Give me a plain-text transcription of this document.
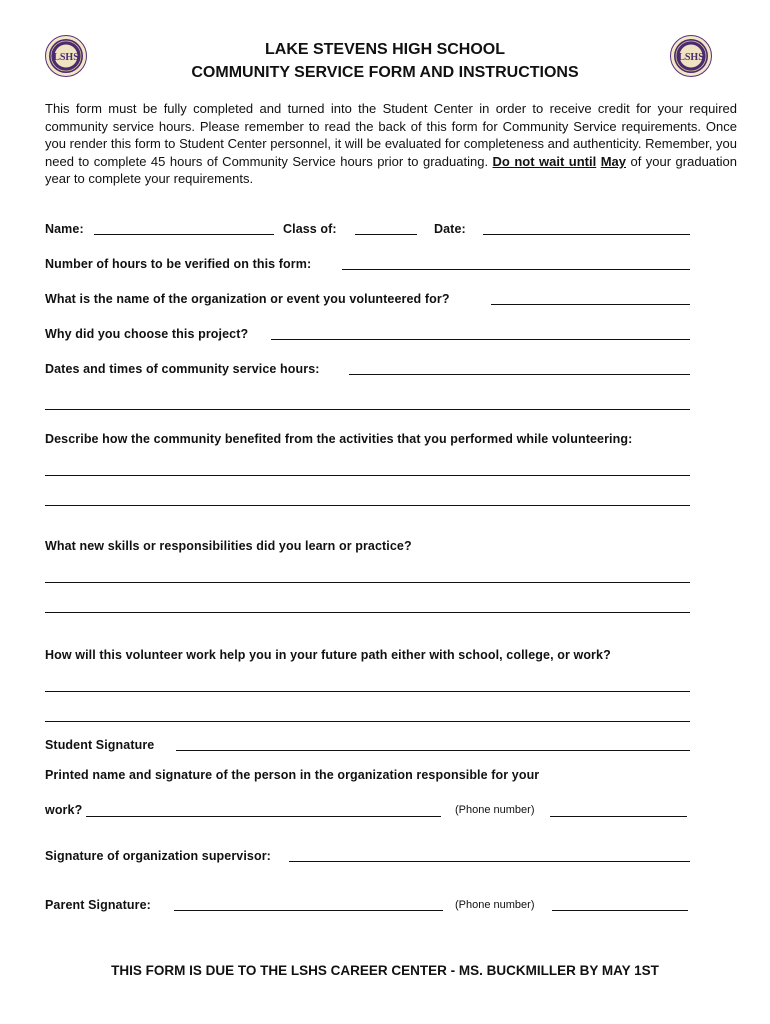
LSHS	LSHS
LAKE STEVENS HIGH SCHOOL
COMMUNITY SERVICE FORM AND INSTRUCTIONS
This form must be fully completed and turned into the Student Center in order to receive credit for your required community service hours. Please remember to read the back of this form for Community Service requirements. Once you render this form to Student Center personnel, it will be evaluated for completeness and authenticity. Remember, you need to complete 45 hours of Community Service hours prior to graduating. Do not wait until May of your graduation year to complete your requirements.
Name:	Class of:	Date:
Number of hours to be verified on this form:
What is the name of the organization or event you volunteered for?
Why did you choose this project?
Dates and times of community service hours:
Describe how the community benefited from the activities that you performed while volunteering:
What new skills or responsibilities did you learn or practice?
How will this volunteer work help you in your future path either with school, college, or work?
Student Signature
Printed name and signature of the person in the organization responsible for your
work?	(Phone number)
Signature of organization supervisor:
Parent Signature:	(Phone number)
THIS FORM IS DUE TO THE LSHS CAREER CENTER - MS. BUCKMILLER BY MAY 1ST
